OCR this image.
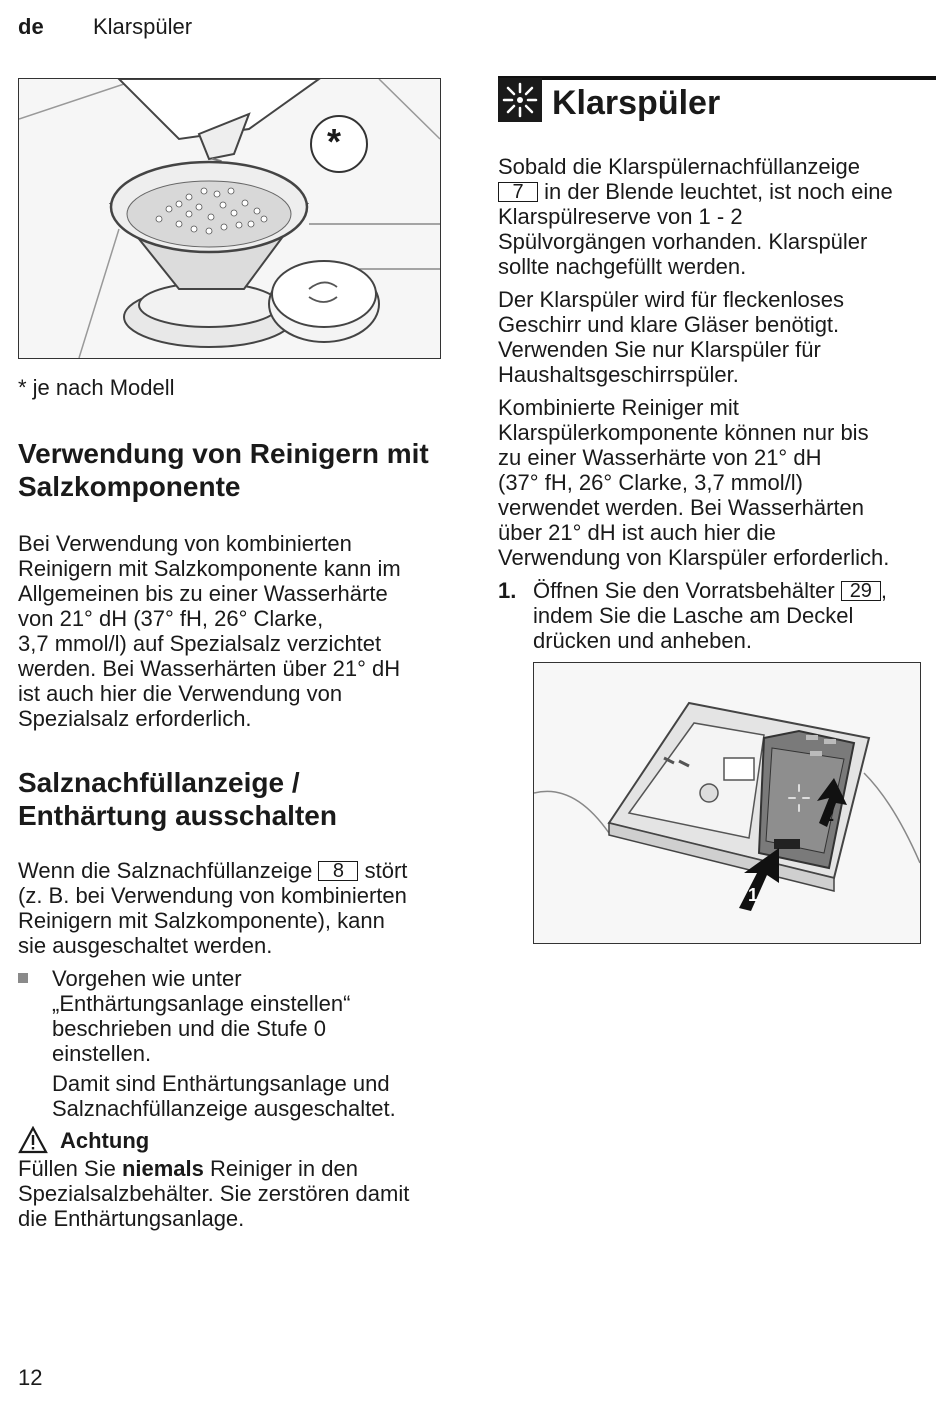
de Klarspüler
*
* je nach Modell
Verwendung von Reinigern mit
Salzkomponente
Bei Verwendung von kombinierten
Reinigern mit Salzkomponente kann im
Allgemeinen bis zu einer Wasserhärte
von 21° dH (37° fH, 26° Clarke,
3,7 mmol/l) auf Spezialsalz verzichtet
werden. Bei Wasserhärten über 21° dH
ist auch hier die Verwendung von
Spezialsalz erforderlich.
Salznachfüllanzeige /
Enthärtung ausschalten
Wenn die Salznachfüllanzeige 8 stört
(z. B. bei Verwendung von kombinierten
Reinigern mit Salzkomponente), kann
sie ausgeschaltet werden.
Vorgehen wie unter
„Enthärtungsanlage einstellen“
beschrieben und die Stufe 0
einstellen.
Damit sind Enthärtungsanlage und
Salznachfüllanzeige ausgeschaltet.
Achtung
Füllen Sie niemals Reiniger in den
Spezialsalzbehälter. Sie zerstören damit
die Enthärtungsanlage.
Klarspüler
Sobald die Klarspülernachfüllanzeige
7 in der Blende leuchtet, ist noch eine
Klarspülreserve von 1 - 2
Spülvorgängen vorhanden. Klarspüler
sollte nachgefüllt werden.
Der Klarspüler wird für fleckenloses
Geschirr und klare Gläser benötigt.
Verwenden Sie nur Klarspüler für
Haushaltsgeschirrspüler.
Kombinierte Reiniger mit
Klarspülerkomponente können nur bis
zu einer Wasserhärte von 21° dH
(37° fH, 26° Clarke, 3,7 mmol/l)
verwendet werden. Bei Wasserhärten
über 21° dH ist auch hier die
Verwendung von Klarspüler erforderlich.
1. Öffnen Sie den Vorratsbehälter 29 ,
indem Sie die Lasche am Deckel
drücken und anheben.
2
1
12
